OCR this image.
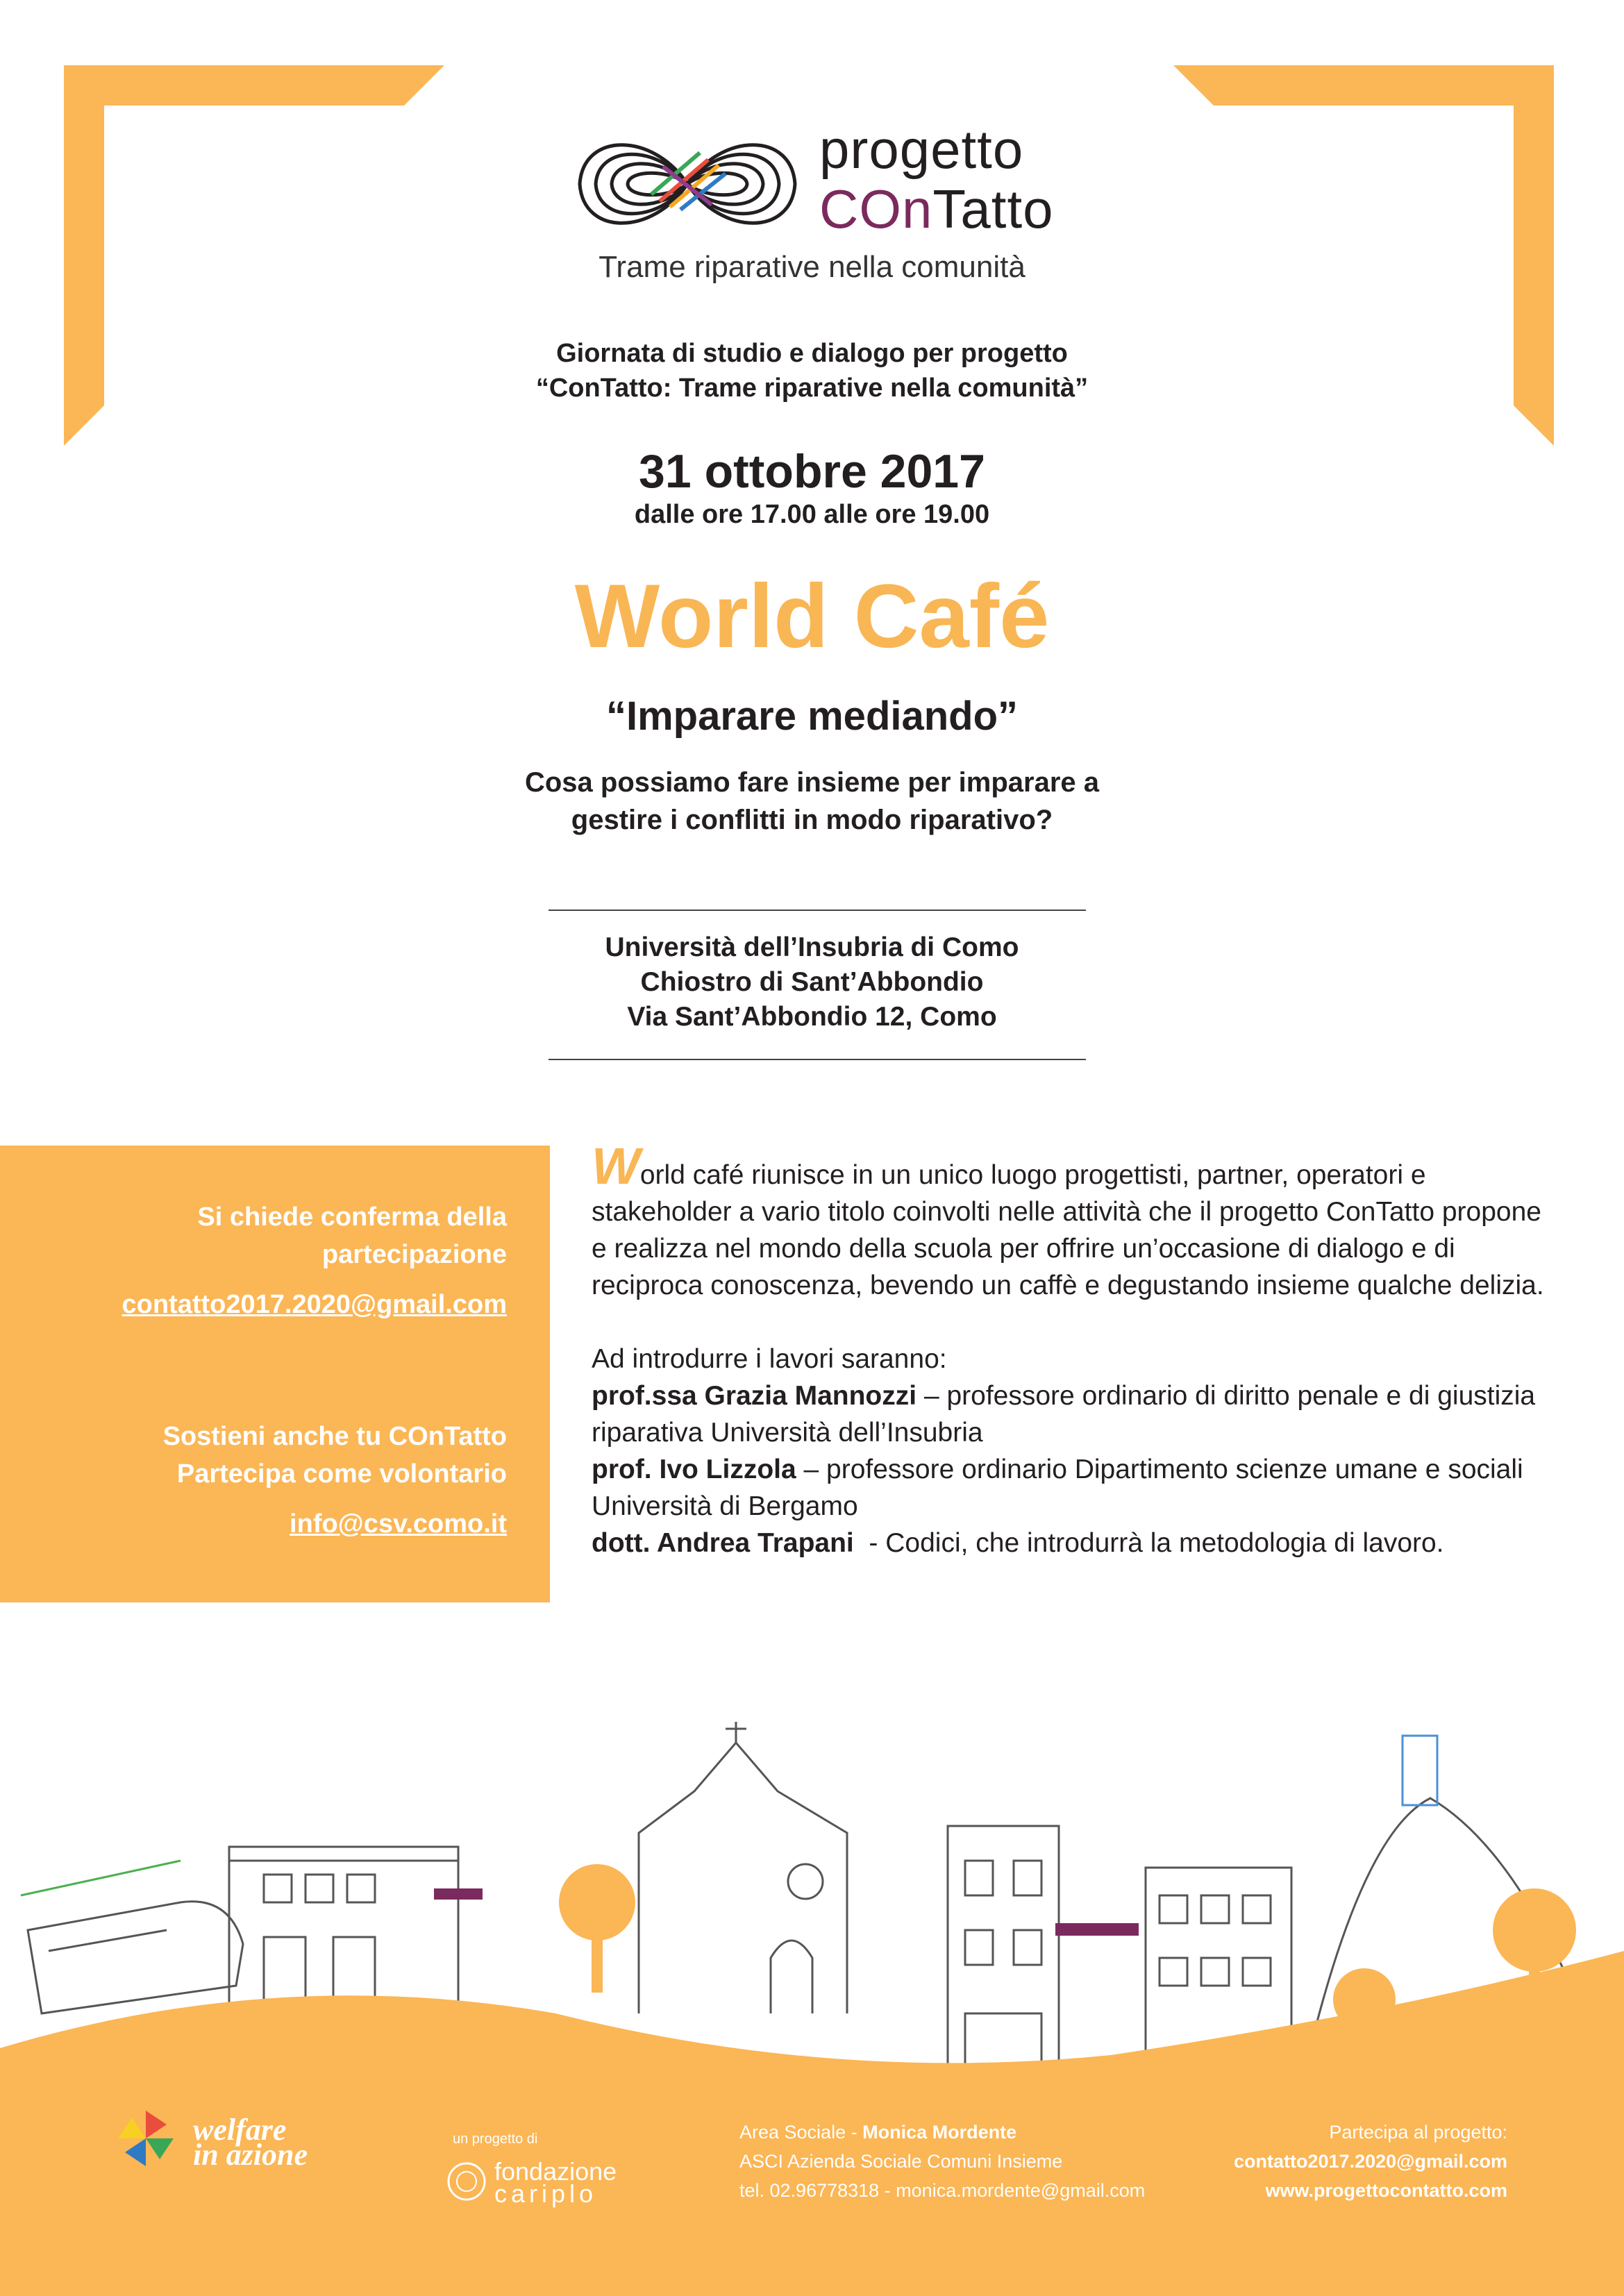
progetto
COnTatto
Trame riparative nella comunità
Giornata di studio e dialogo per progetto
“ConTatto: Trame riparative nella comunità”
31 ottobre 2017
dalle ore 17.00 alle ore 19.00
World Café
“Imparare mediando”
Cosa possiamo fare insieme per imparare a
gestire i conflitti in modo riparativo?
Università dell’Insubria di Como
Chiostro di Sant’Abbondio
Via Sant’Abbondio 12, Como
Si chiede conferma della
partecipazione
contatto2017.2020@gmail.com
Sostieni anche tu COnTatto
Partecipa come volontario
info@csv.como.it
World café riunisce in un unico luogo progettisti, partner, operatori e stakeholder a vario titolo coinvolti nelle attività che il progetto ConTatto propone e realizza nel mondo della scuola per offrire un’occasione di dialogo e di reciproca conoscenza, bevendo un caffè e degustando insieme qualche delizia.
Ad introdurre i lavori saranno:
prof.ssa Grazia Mannozzi – professore ordinario di diritto penale e di giustizia riparativa Università dell’Insubria
prof. Ivo Lizzola – professore ordinario Dipartimento scienze umane e sociali Università di Bergamo
dott. Andrea Trapani  - Codici, che introdurrà la metodologia di lavoro.
welfare
in azione	un progetto di
fondazione
cariplo
Area Sociale - Monica Mordente
ASCI Azienda Sociale Comuni Insieme
tel. 02.96778318 - monica.mordente@gmail.com
Partecipa al progetto:
contatto2017.2020@gmail.com
www.progettocontatto.com
